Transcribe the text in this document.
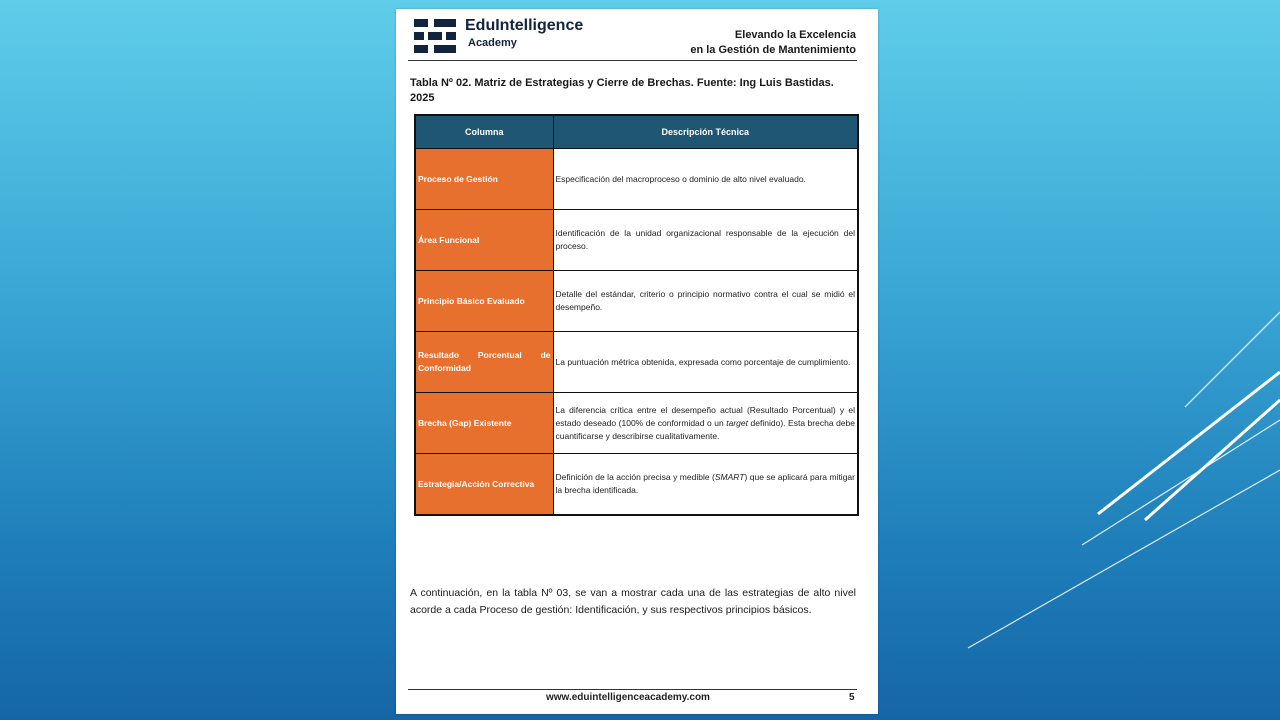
EduIntelligence
Academy
Elevando la Excelencia
en la Gestión de Mantenimiento
Tabla Nº 02. Matriz de Estrategias y Cierre de Brechas. Fuente: Ing Luis Bastidas. 2025
Columna	Descripción Técnica
Proceso de Gestión	Especificación del macroproceso o dominio de alto nivel evaluado.
Área Funcional	Identificación de la unidad organizacional responsable de la ejecución del proceso.
Principio Básico Evaluado	Detalle del estándar, criterio o principio normativo contra el cual se midió el desempeño.
Resultado Porcentual de Conformidad	La puntuación métrica obtenida, expresada como porcentaje de cumplimiento.
Brecha (Gap) Existente	La diferencia crítica entre el desempeño actual (Resultado Porcentual) y el estado deseado (100% de conformidad o un target definido). Esta brecha debe cuantificarse y describirse cualitativamente.
Estrategia/Acción Correctiva	Definición de la acción precisa y medible (SMART) que se aplicará para mitigar la brecha identificada.
A continuación, en la tabla Nº 03, se van a mostrar cada una de las estrategias de alto nivel acorde a cada Proceso de gestión: Identificación, y sus respectivos principios básicos.
www.eduintelligenceacademy.com	5
